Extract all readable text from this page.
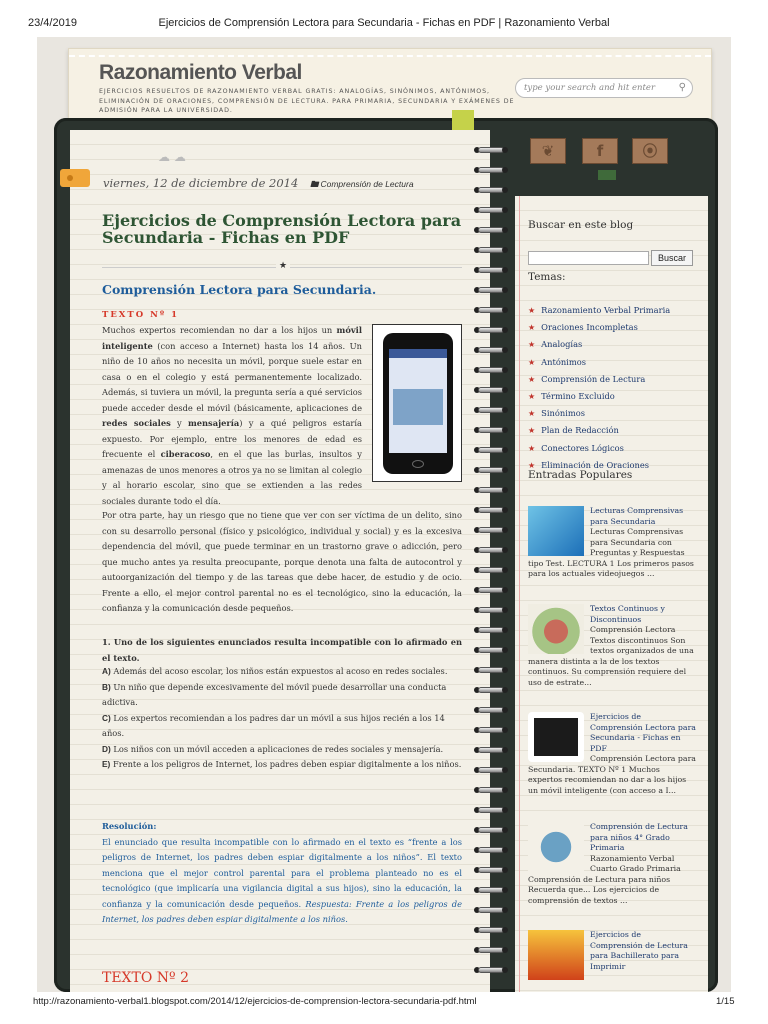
23/4/2019	Ejercicios de Comprensión Lectora para Secundaria - Fichas en PDF | Razonamiento Verbal
Razonamiento Verbal
EJERCICIOS RESUELTOS DE RAZONAMIENTO VERBAL GRATIS: ANALOGÍAS, SINÓNIMOS, ANTÓNIMOS, ELIMINACIÓN DE ORACIONES, COMPRENSIÓN DE LECTURA. PARA PRIMARIA, SECUNDARIA Y EXÁMENES DE ADMISIÓN PARA LA UNIVERSIDAD.
type your search and hit enter ⚲
❦	f	⦿
☁ ☁
viernes, 12 de diciembre de 2014 🖿 Comprensión de Lectura
Ejercicios de Comprensión Lectora para Secundaria - Fichas en PDF
★
Comprensión Lectora para Secundaria.
TEXTO Nº 1
Muchos expertos recomiendan no dar a los hijos un móvil inteligente (con acceso a Internet) hasta los 14 años. Un niño de 10 años no necesita un móvil, porque suele estar en casa o en el colegio y está permanentemente localizado. Además, si tuviera un móvil, la pregunta sería a qué servicios puede acceder desde el móvil (básicamente, aplicaciones de redes sociales y mensajería) y a qué peligros estaría expuesto. Por ejemplo, entre los menores de edad es frecuente el ciberacoso, en el que las burlas, insultos y amenazas de unos menores a otros ya no se limitan al colegio y al horario escolar, sino que se extienden a las redes sociales durante todo el día.
Por otra parte, hay un riesgo que no tiene que ver con ser víctima de un delito, sino con su desarrollo personal (físico y psicológico, individual y social) y es la excesiva dependencia del móvil, que puede terminar en un trastorno grave o adicción, pero que mucho antes ya resulta preocupante, porque denota una falta de autocontrol y autoorganización del tiempo y de las tareas que debe hacer, de estudio y de ocio. Frente a ello, el mejor control parental no es el tecnológico, sino la educación, la confianza y la comunicación desde pequeños.
1. Uno de los siguientes enunciados resulta incompatible con lo afirmado en el texto.
A) Además del acoso escolar, los niños están expuestos al acoso en redes sociales.
B) Un niño que depende excesivamente del móvil puede desarrollar una conducta adictiva.
C) Los expertos recomiendan a los padres dar un móvil a sus hijos recién a los 14 años.
D) Los niños con un móvil acceden a aplicaciones de redes sociales y mensajería.
E) Frente a los peligros de Internet, los padres deben espiar digitalmente a los niños.
Resolución:
El enunciado que resulta incompatible con lo afirmado en el texto es “frente a los peligros de Internet, los padres deben espiar digitalmente a los niños”. El texto menciona que el mejor control parental para el problema planteado no es el tecnológico (que implicaría una vigilancia digital a sus hijos), sino la educación, la confianza y la comunicación desde pequeños. Respuesta: Frente a los peligros de Internet, los padres deben espiar digitalmente a los niños.
TEXTO Nº 2
Buscar en este blog
Buscar
Temas:
★ Razonamiento Verbal Primaria
★ Oraciones Incompletas
★ Analogías
★ Antónimos
★ Comprensión de Lectura
★ Término Excluido
★ Sinónimos
★ Plan de Redacción
★ Conectores Lógicos
★ Eliminación de Oraciones
Entradas Populares
Lecturas Comprensivas para Secundaria
Lecturas Comprensivas para Secundaria con Preguntas y Respuestas tipo Test. LECTURA 1 Los primeros pasos para los actuales videojuegos ...
Textos Continuos y Discontinuos
Comprensión Lectora Textos discontinuos Son textos organizados de una manera distinta a la de los textos continuos. Su comprensión requiere del uso de estrate...
Ejercicios de Comprensión Lectora para Secundaria - Fichas en PDF
Comprensión Lectora para Secundaria. TEXTO Nº 1 Muchos expertos recomiendan no dar a los hijos un móvil inteligente (con acceso a I...
Comprensión de Lectura para niños 4° Grado Primaria
Razonamiento Verbal Cuarto Grado Primaria Comprensión de Lectura para niños Recuerda que... Los ejercicios de comprensión de textos ...
Ejercicios de Comprensión de Lectura para Bachillerato para Imprimir
http://razonamiento-verbal1.blogspot.com/2014/12/ejercicios-de-comprension-lectora-secundaria-pdf.html	1/15
